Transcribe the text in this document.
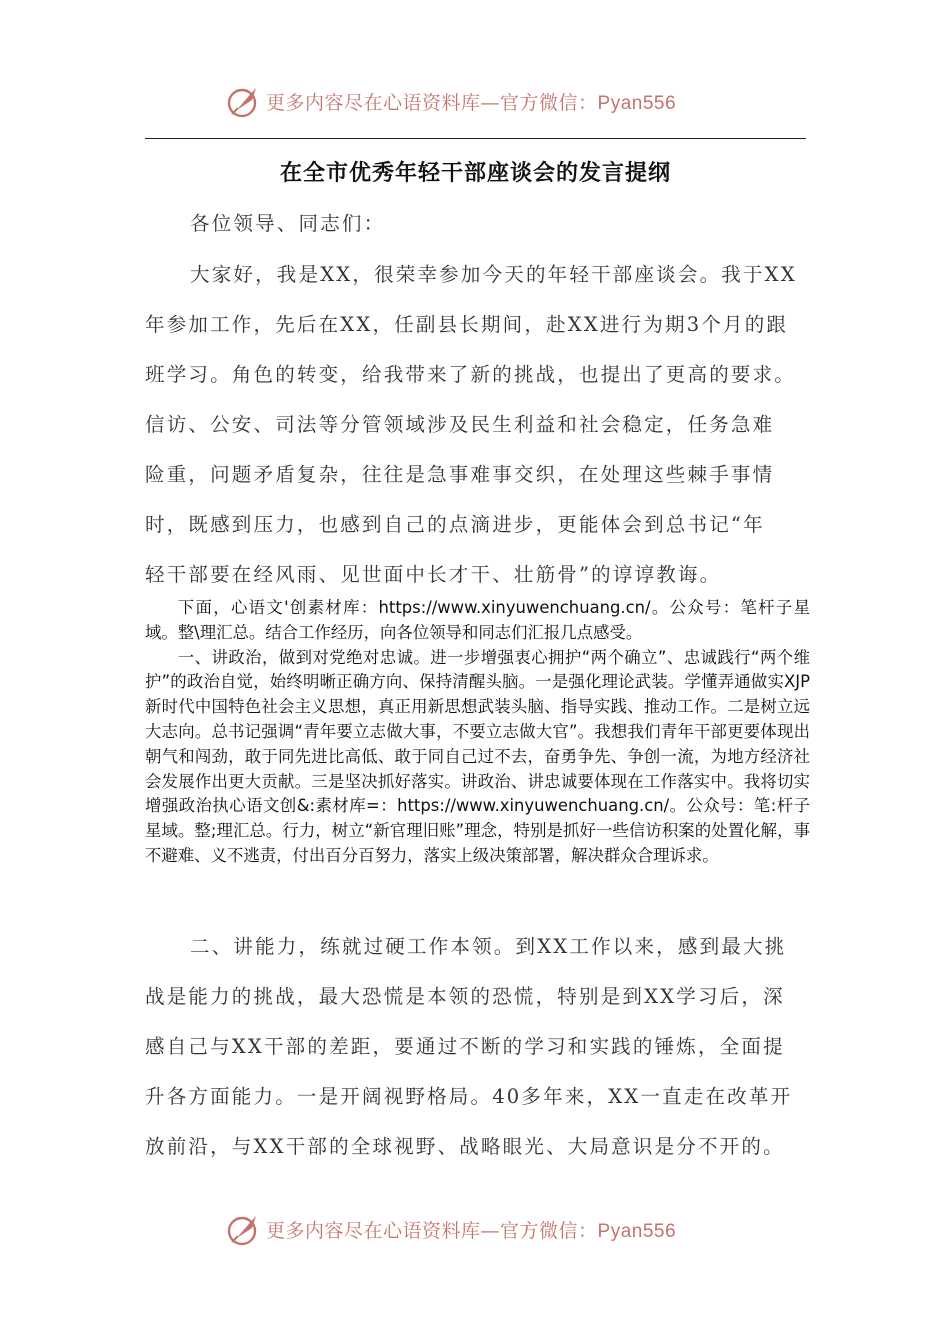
更多内容尽在心语资料库—官方微信：Pyan556
在全市优秀年轻干部座谈会的发言提纲
各位领导、同志们：
大家好，我是XX，很荣幸参加今天的年轻干部座谈会。我于XX
年参加工作，先后在XX，任副县长期间，赴XX进行为期3个月的跟
班学习。角色的转变，给我带来了新的挑战，也提出了更高的要求。
信访、公安、司法等分管领域涉及民生利益和社会稳定，任务急难
险重，问题矛盾复杂，往往是急事难事交织，在处理这些棘手事情
时，既感到压力，也感到自己的点滴进步，更能体会到总书记“年
轻干部要在经风雨、见世面中长才干、壮筋骨”的谆谆教诲。

下面，心语文'创素材库：https://www.xinyuwenchuang.cn/。公众号：笔杆子星域。整\理汇总。结合工作经历，向各位领导和同志们汇报几点感受。

一、讲政治，做到对党绝对忠诚。进一步增强衷心拥护“两个确立”、忠诚践行“两个维护”的政治自觉，始终明晰正确方向、保持清醒头脑。一是强化理论武装。学懂弄通做实XJP新时代中国特色社会主义思想，真正用新思想武装头脑、指导实践、推动工作。二是树立远大志向。总书记强调“青年要立志做大事，不要立志做大官”。我想我们青年干部更要体现出朝气和闯劲，敢于同先进比高低、敢于同自己过不去，奋勇争先、争创一流，为地方经济社会发展作出更大贡献。三是坚决抓好落实。讲政治、讲忠诚要体现在工作落实中。我将切实增强政治执心语文创&:素材库=：https://www.xinyuwenchuang.cn/。公众号：笔:杆子星域。整;理汇总。行力，树立“新官理旧账”理念，特别是抓好一些信访积案的处置化解，事不避难、义不逃责，付出百分百努力，落实上级决策部署，解决群众合理诉求。

二、讲能力，练就过硬工作本领。到XX工作以来，感到最大挑
战是能力的挑战，最大恐慌是本领的恐慌，特别是到XX学习后，深
感自己与XX干部的差距，要通过不断的学习和实践的锤炼，全面提
升各方面能力。一是开阔视野格局。40多年来，XX一直走在改革开
放前沿，与XX干部的全球视野、战略眼光、大局意识是分不开的。
更多内容尽在心语资料库—官方微信：Pyan556
